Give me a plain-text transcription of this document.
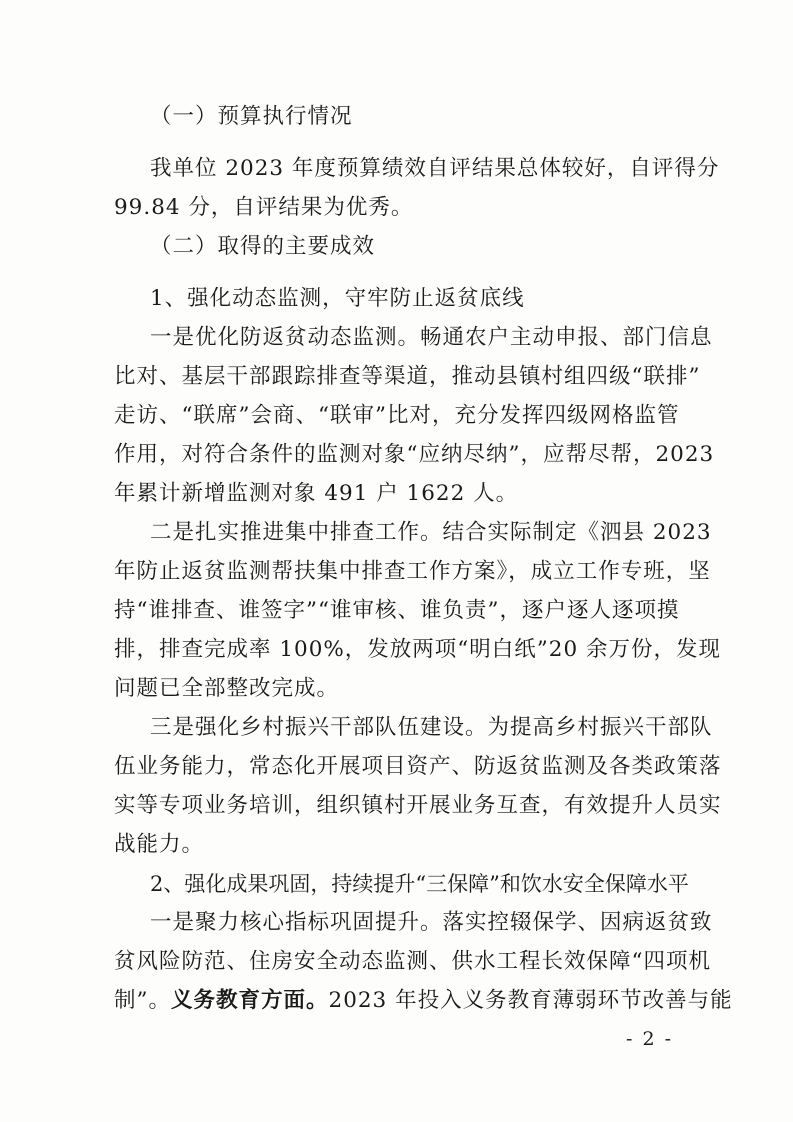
（一）预算执行情况
我单位 2023 年度预算绩效自评结果总体较好，自评得分
99.84 分，自评结果为优秀。
（二）取得的主要成效
1、强化动态监测，守牢防止返贫底线
一是优化防返贫动态监测。畅通农户主动申报、部门信息
比对、基层干部跟踪排查等渠道，推动县镇村组四级“联排”
走访、“联席”会商、“联审”比对，充分发挥四级网格监管
作用，对符合条件的监测对象“应纳尽纳”，应帮尽帮，2023
年累计新增监测对象 491 户 1622 人。
二是扎实推进集中排查工作。结合实际制定《泗县 2023
年防止返贫监测帮扶集中排查工作方案》，成立工作专班，坚
持“谁排查、谁签字”“谁审核、谁负责”，逐户逐人逐项摸
排，排查完成率 100%，发放两项“明白纸”20 余万份，发现
问题已全部整改完成。
三是强化乡村振兴干部队伍建设。为提高乡村振兴干部队
伍业务能力，常态化开展项目资产、防返贫监测及各类政策落
实等专项业务培训，组织镇村开展业务互查，有效提升人员实
战能力。
2、强化成果巩固，持续提升“三保障”和饮水安全保障水平
一是聚力核心指标巩固提升。落实控辍保学、因病返贫致
贫风险防范、住房安全动态监测、供水工程长效保障“四项机
制”。义务教育方面。2023 年投入义务教育薄弱环节改善与能
- 2 -
